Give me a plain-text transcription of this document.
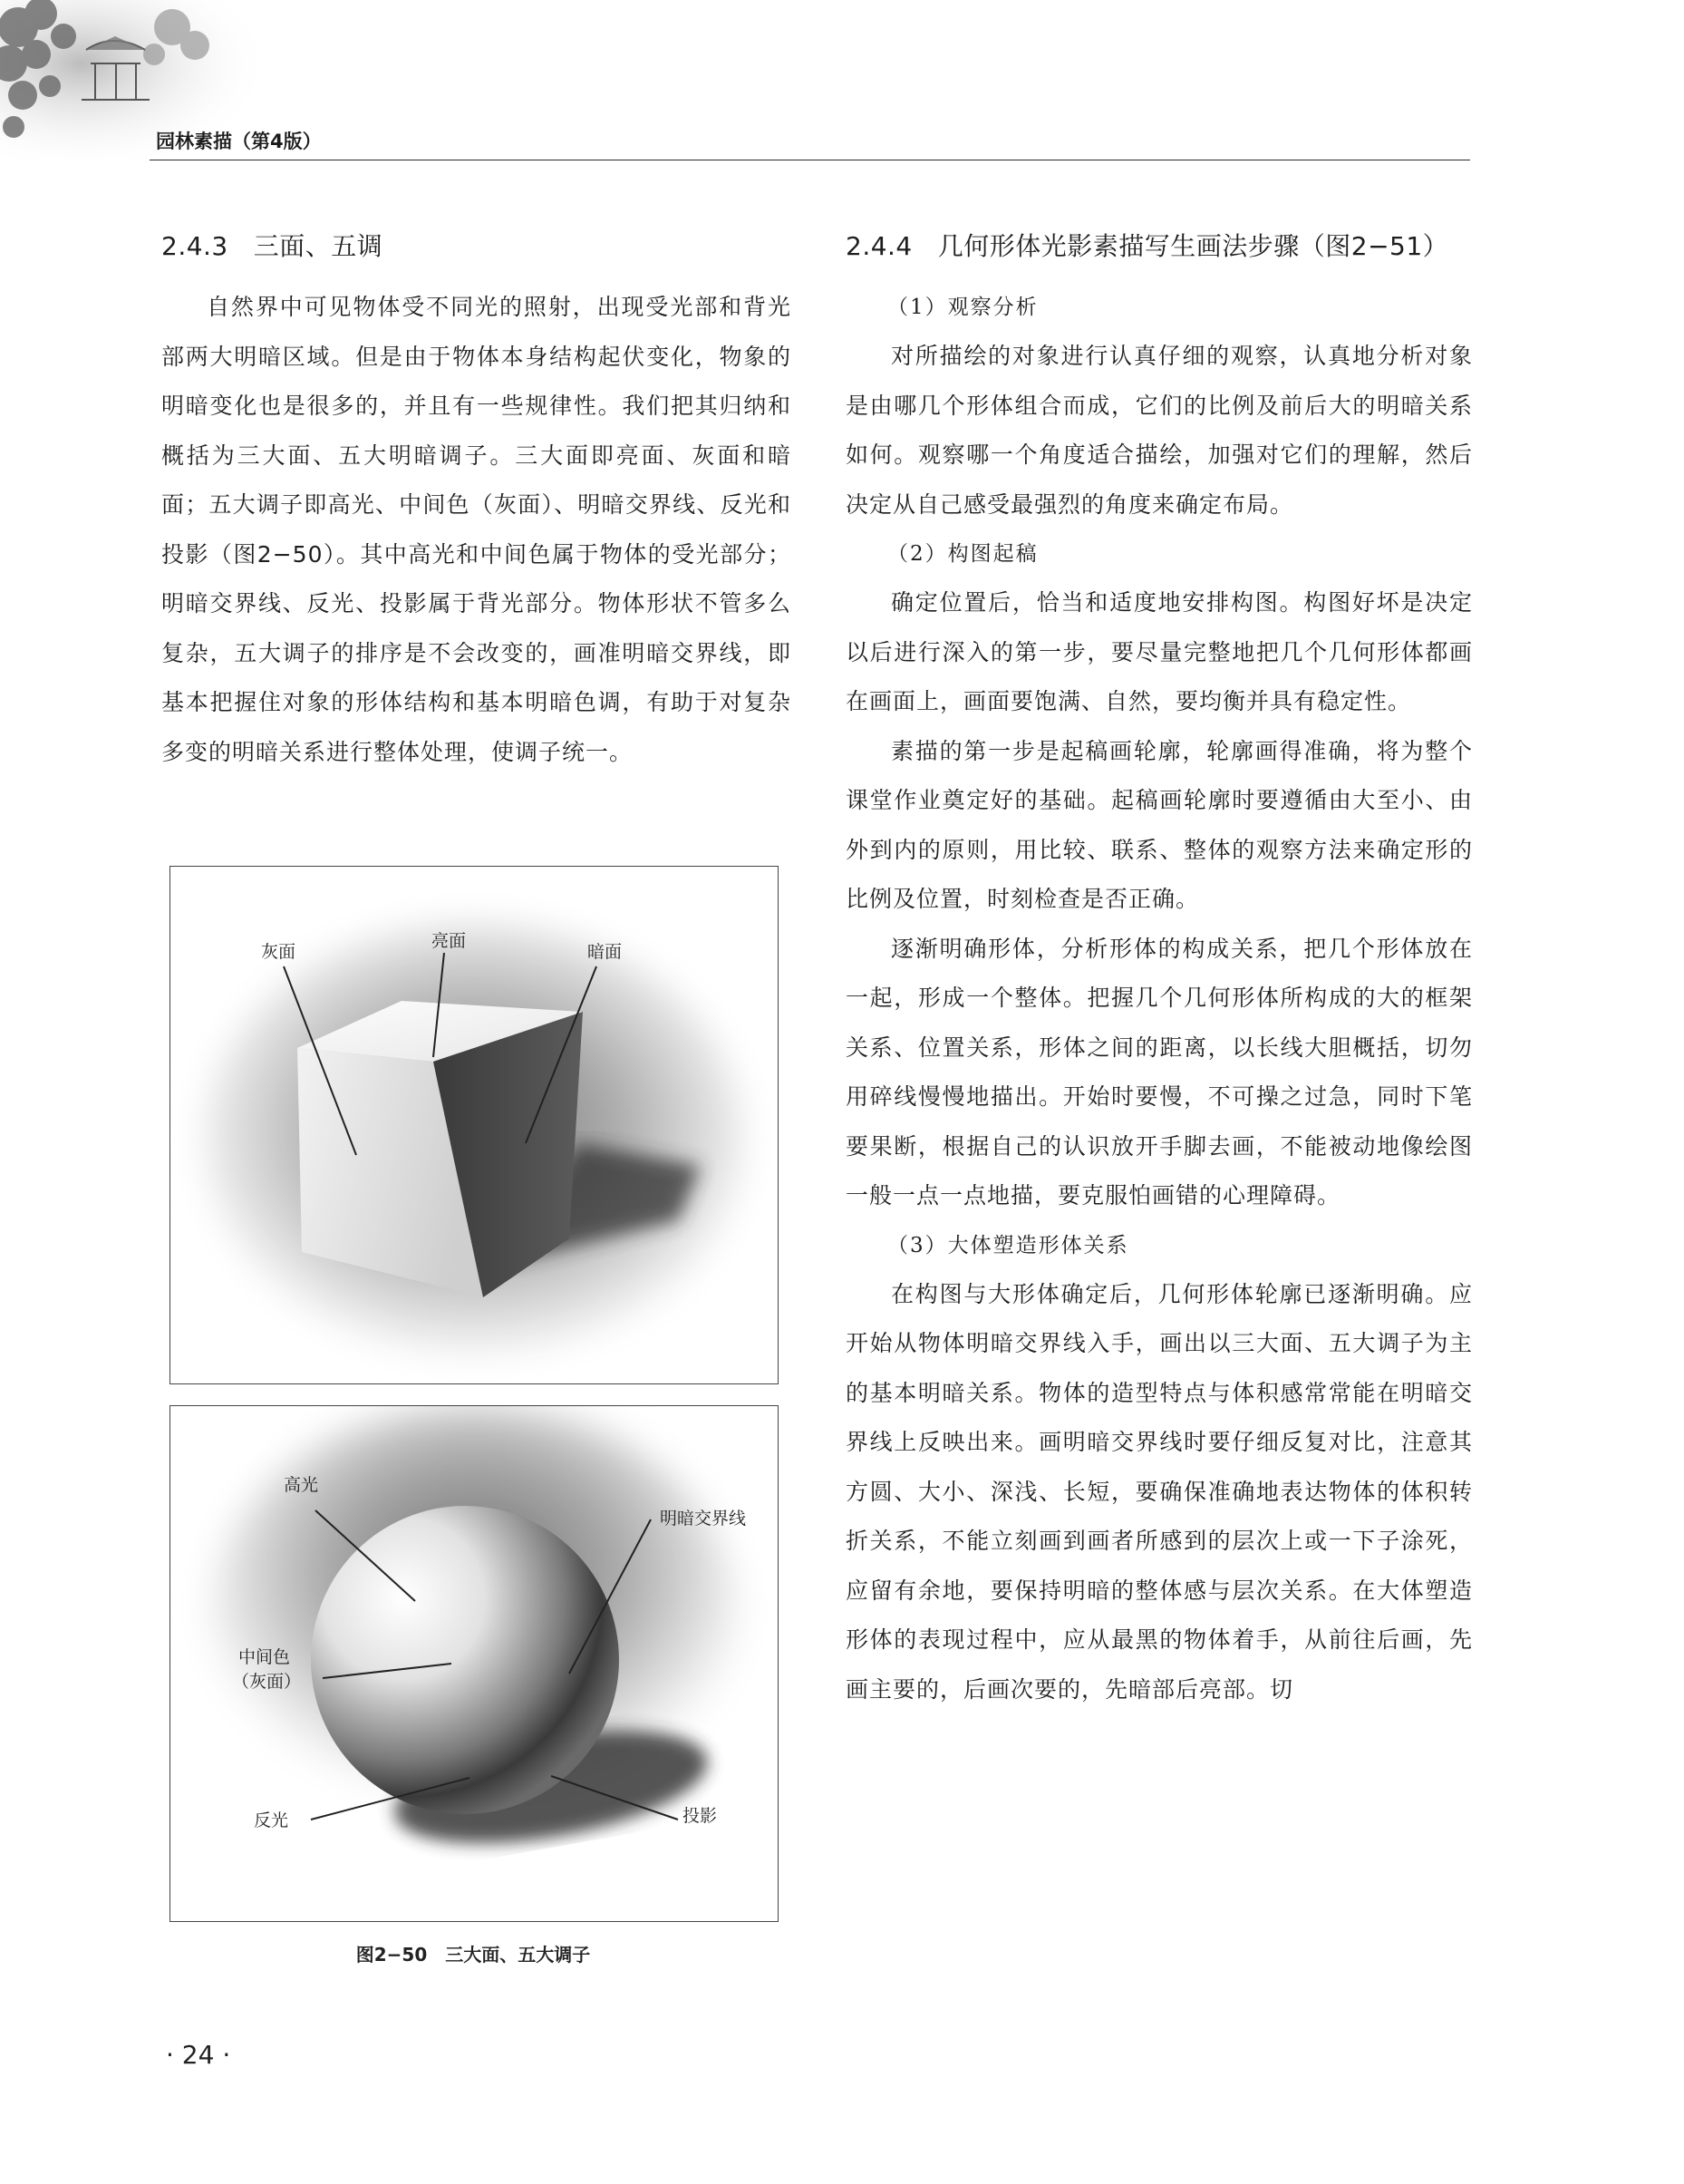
园林素描（第4版）
2.4.3 三面、五调

自然界中可见物体受不同光的照射，出现受光部和背光部两大明暗区域。但是由于物体本身结构起伏变化，物象的明暗变化也是很多的，并且有一些规律性。我们把其归纳和概括为三大面、五大明暗调子。三大面即亮面、灰面和暗面；五大调子即高光、中间色（灰面）、明暗交界线、反光和投影（图2−50）。其中高光和中间色属于物体的受光部分；明暗交界线、反光、投影属于背光部分。物体形状不管多么复杂，五大调子的排序是不会改变的，画准明暗交界线，即基本把握住对象的形体结构和基本明暗色调，有助于对复杂多变的明暗关系进行整体处理，使调子统一。

灰面
亮面
暗面
高光
明暗交界线
中间色
（灰面）
反光	投影
图2−50　三大面、五大调子
2.4.4 几何形体光影素描写生画法步骤（图2−51）
（1）观察分析

对所描绘的对象进行认真仔细的观察，认真地分析对象是由哪几个形体组合而成，它们的比例及前后大的明暗关系如何。观察哪一个角度适合描绘，加强对它们的理解，然后决定从自己感受最强烈的角度来确定布局。

（2）构图起稿

确定位置后，恰当和适度地安排构图。构图好坏是决定以后进行深入的第一步，要尽量完整地把几个几何形体都画在画面上，画面要饱满、自然，要均衡并具有稳定性。

素描的第一步是起稿画轮廓，轮廓画得准确，将为整个课堂作业奠定好的基础。起稿画轮廓时要遵循由大至小、由外到内的原则，用比较、联系、整体的观察方法来确定形的比例及位置，时刻检查是否正确。

逐渐明确形体，分析形体的构成关系，把几个形体放在一起，形成一个整体。把握几个几何形体所构成的大的框架关系、位置关系，形体之间的距离，以长线大胆概括，切勿用碎线慢慢地描出。开始时要慢，不可操之过急，同时下笔要果断，根据自己的认识放开手脚去画，不能被动地像绘图一般一点一点地描，要克服怕画错的心理障碍。

（3）大体塑造形体关系

在构图与大形体确定后，几何形体轮廓已逐渐明确。应开始从物体明暗交界线入手，画出以三大面、五大调子为主的基本明暗关系。物体的造型特点与体积感常常能在明暗交界线上反映出来。画明暗交界线时要仔细反复对比，注意其方圆、大小、深浅、长短，要确保准确地表达物体的体积转折关系，不能立刻画到画者所感到的层次上或一下子涂死，应留有余地，要保持明暗的整体感与层次关系。在大体塑造形体的表现过程中，应从最黑的物体着手，从前往后画，先画主要的，后画次要的，先暗部后亮部。切

· 24 ·
